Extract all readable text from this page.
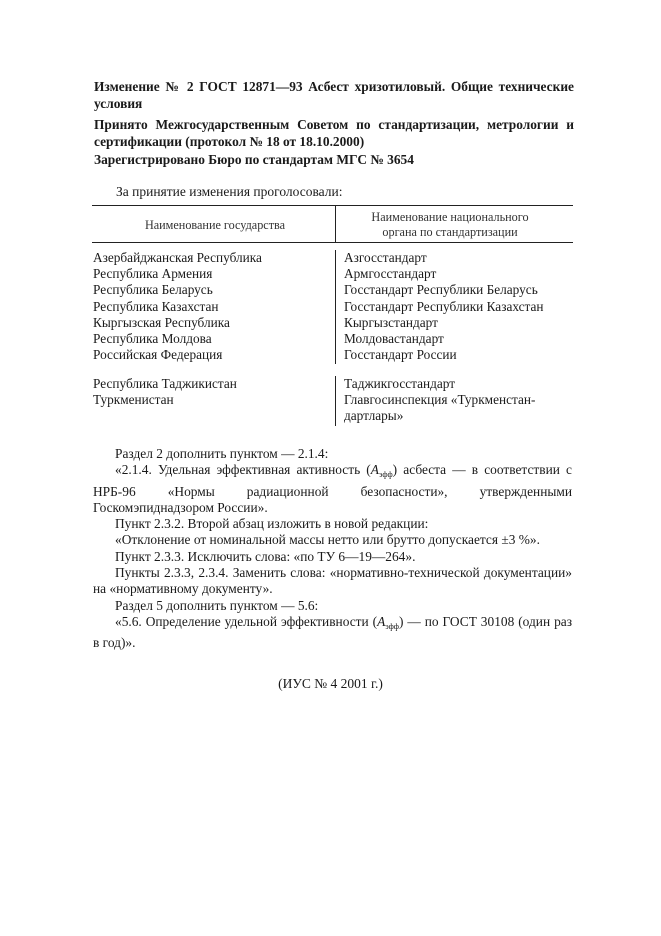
Изменение № 2 ГОСТ 12871—93 Асбест хризотиловый. Общие технические условия
Принято Межгосударственным Советом по стандартизации, метрологии и сертификации (протокол № 18 от 18.10.2000)
Зарегистрировано Бюро по стандартам МГС № 3654
За принятие изменения проголосовали:
Наименование государства
Наименование национального
органа по стандартизации
Азербайджанская Республика
Республика Армения
Республика Беларусь
Республика Казахстан
Кыргызская Республика
Республика Молдова
Российская Федерация
Азгосстандарт
Армгосстандарт
Госстандарт Республики Беларусь
Госстандарт Республики Казахстан
Кыргызстандарт
Молдовастандарт
Госстандарт России
Республика Таджикистан
Туркменистан
Таджикгосстандарт
Главгосинспекция «Туркменстан-
дартлары»

Раздел 2 дополнить пунктом — 2.1.4:

«2.1.4. Удельная эффективная активность $(A_{эфф})$ асбеста — в соответствии с НРБ-96 «Нормы радиационной безопасности», утвержденными Госкомэпиднадзором России».

Пункт 2.3.2. Второй абзац изложить в новой редакции:

«Отклонение от номинальной массы нетто или брутто допускается ±3 %».

Пункт 2.3.3. Исключить слова: «по ТУ 6—19—264».

Пункты 2.3.3, 2.3.4. Заменить слова: «нормативно-технической документации» на «нормативному документу».

Раздел 5 дополнить пунктом — 5.6:

«5.6. Определение удельной эффективности $(A_{эфф})$ — по ГОСТ 30108 (один раз в год)».

(ИУС № 4 2001 г.)
